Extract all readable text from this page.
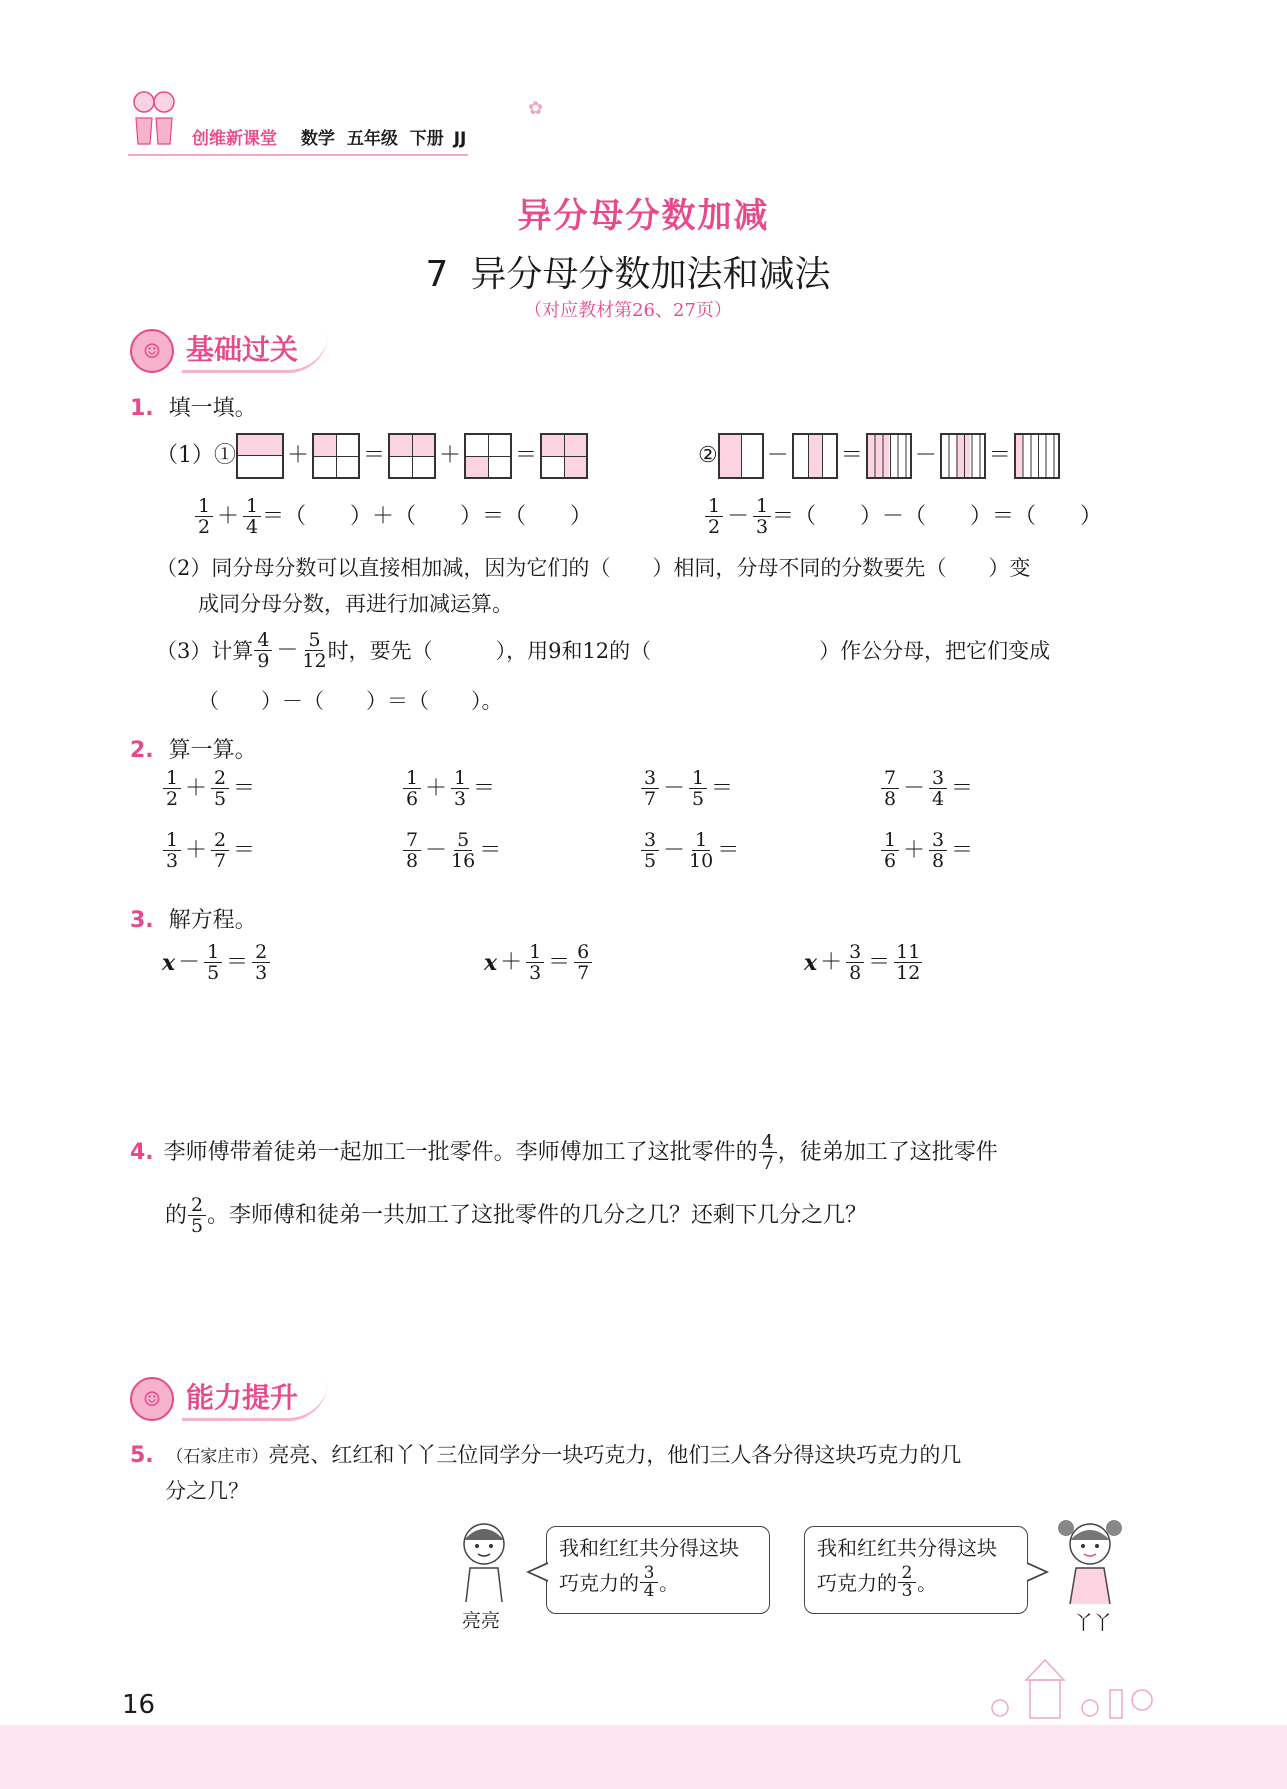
创维新课堂 数学 五年级 下册 JJ
✿
异分母分数加减
7 异分母分数加法和减法
（对应教材第26、27页）
☺ 基础过关
1. 填一填。
（1）① ＋ ＝ ＋ ＝	② － ＝ － ＝
$\frac{1}{2} + \frac{1}{4}$ ＝（　　）＋（　　）＝（　　）	$\frac{1}{2} - \frac{1}{3}$ ＝（　　）－（　　）＝（　　）
（2）同分母分数可以直接相加减，因为它们的（　　）相同，分母不同的分数要先（　　）变
成同分母分数，再进行加减运算。
（3）计算 $\frac{4}{9} - \frac{5}{12}$ 时，要先（　　　），用9和12的（　　　　　　　　）作公分母，把它们变成
（　　）－（　　）＝（　　）。
2. 算一算。
$\frac{1}{2} + \frac{2}{5}$ ＝	$\frac{1}{6} + \frac{1}{3}$ ＝	$\frac{3}{7} - \frac{1}{5}$ ＝	$\frac{7}{8} - \frac{3}{4}$ ＝
$\frac{1}{3} + \frac{2}{7}$ ＝	$\frac{7}{8} - \frac{5}{16}$ ＝	$\frac{3}{5} - \frac{1}{10}$ ＝	$\frac{1}{6} + \frac{3}{8}$ ＝
3. 解方程。
$x - \frac{1}{5} = \frac{2}{3}$	$x + \frac{1}{3} = \frac{6}{7}$	$x + \frac{3}{8} = \frac{11}{12}$
4. 李师傅带着徒弟一起加工一批零件。李师傅加工了这批零件的 $\frac{4}{7}$ ，徒弟加工了这批零件
的 $\frac{2}{5}$ 。李师傅和徒弟一共加工了这批零件的几分之几？还剩下几分之几？
☺ 能力提升
5. （石家庄市）亮亮、红红和丫丫三位同学分一块巧克力，他们三人各分得这块巧克力的几
分之几？
亮亮
我和红红共分得这块
巧克力的 $\frac{3}{4}$ 。
我和红红共分得这块
巧克力的 $\frac{2}{3}$ 。
丫丫
16
